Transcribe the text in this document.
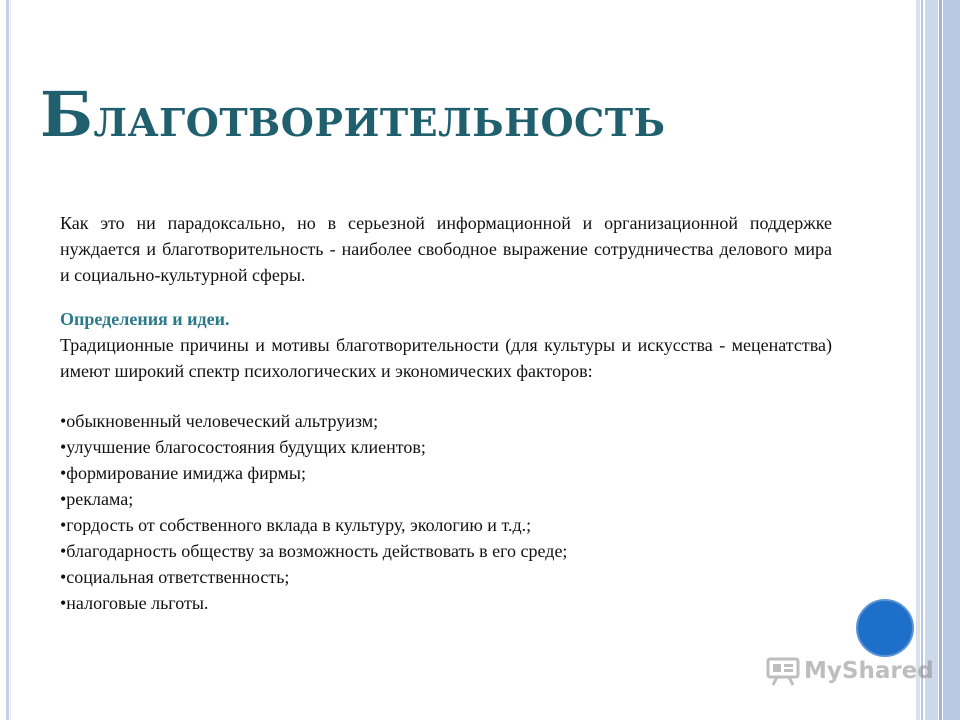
Благотворительность

Как это ни парадоксально, но в серьезной информационной и организационной поддержке нуждается и благотворительность - наиболее свободное выражение сотрудничества делового мира и социально-культурной сферы.

Определения и идеи.

Традиционные причины и мотивы благотворительности (для культуры и искусства - меценатства) имеют широкий спектр психологических и экономических факторов:

•обыкновенный человеческий альтруизм;
•улучшение благосостояния будущих клиентов;
•формирование имиджа фирмы;
•реклама;
•гордость от собственного вклада в культуру, экологию и т.д.;
•благодарность обществу за возможность действовать в его среде;
•социальная ответственность;
•налоговые льготы.
MyShared
